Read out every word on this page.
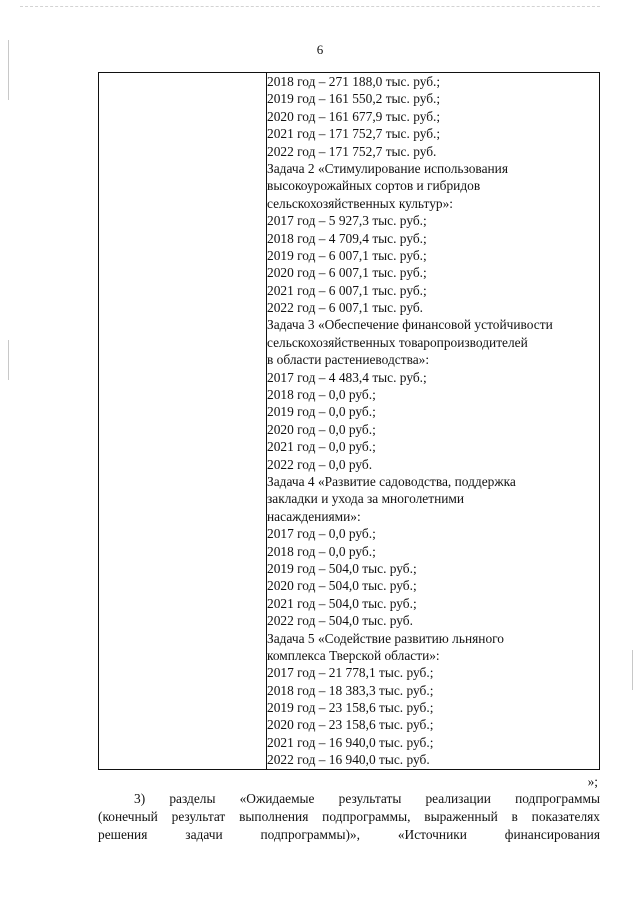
6

2018 год – 271 188,0 тыс. руб.;
2019 год – 161 550,2 тыс. руб.;
2020 год – 161 677,9 тыс. руб.;
2021 год – 171 752,7 тыс. руб.;
2022 год – 171 752,7 тыс. руб.
Задача 2 «Стимулирование использования
высокоурожайных сортов и гибридов
сельскохозяйственных культур»:
2017 год – 5 927,3 тыс. руб.;
2018 год – 4 709,4 тыс. руб.;
2019 год – 6 007,1 тыс. руб.;
2020 год – 6 007,1 тыс. руб.;
2021 год – 6 007,1 тыс. руб.;
2022 год – 6 007,1 тыс. руб.
Задача 3 «Обеспечение финансовой устойчивости
сельскохозяйственных товаропроизводителей
в области растениеводства»:
2017 год – 4 483,4 тыс. руб.;
2018 год – 0,0 руб.;
2019 год – 0,0 руб.;
2020 год – 0,0 руб.;
2021 год – 0,0 руб.;
2022 год – 0,0 руб.
Задача 4 «Развитие садоводства, поддержка
закладки и ухода за многолетними
насаждениями»:
2017 год – 0,0 руб.;
2018 год – 0,0 руб.;
2019 год – 504,0 тыс. руб.;
2020 год – 504,0 тыс. руб.;
2021 год – 504,0 тыс. руб.;
2022 год – 504,0 тыс. руб.
Задача 5 «Содействие развитию льняного
комплекса Тверской области»:
2017 год – 21 778,1 тыс. руб.;
2018 год – 18 383,3 тыс. руб.;
2019 год – 23 158,6 тыс. руб.;
2020 год – 23 158,6 тыс. руб.;
2021 год – 16 940,0 тыс. руб.;
2022 год – 16 940,0 тыс. руб.
»;
3) разделы «Ожидаемые результаты реализации подпрограммы
(конечный результат выполнения подпрограммы, выраженный в показателях
решения задачи подпрограммы)», «Источники финансирования
